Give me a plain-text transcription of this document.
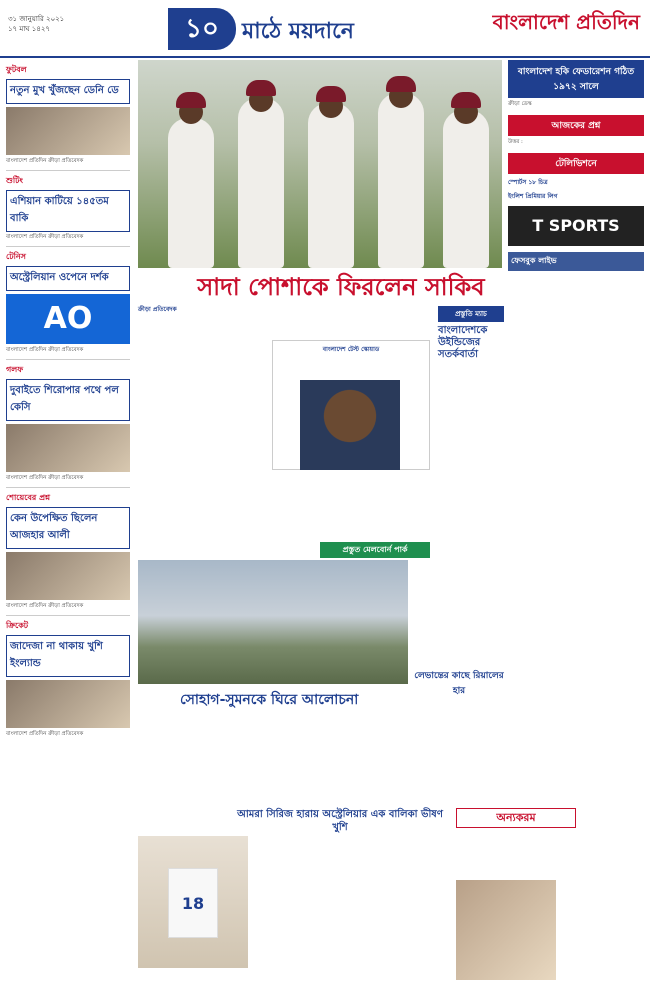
৩১ জানুয়ারি ২০২১
১৭ মাঘ ১৪২৭	১০	মাঠে ময়দানে	বাংলাদেশ প্রতিদিন
ফুটবল
নতুন মুখ খুঁজছেন ডেনি ডে
বাংলাদেশ প্রতিদিন ক্রীড়া প্রতিবেদক
শুটিং
এশিয়ান কাটিয়ে ১৪৫তম বাকি
বাংলাদেশ প্রতিদিন ক্রীড়া প্রতিবেদক
টেনিস
অস্ট্রেলিয়ান ওপেনে দর্শক
AO
বাংলাদেশ প্রতিদিন ক্রীড়া প্রতিবেদক
গলফ
দুবাইতে শিরোপার পথে পল কেসি
বাংলাদেশ প্রতিদিন ক্রীড়া প্রতিবেদক
শোয়েবের প্রশ্ন
কেন উপেক্ষিত ছিলেন আজহার আলী
বাংলাদেশ প্রতিদিন ক্রীড়া প্রতিবেদক
ক্রিকেট
জাদেজা না থাকায় খুশি ইংল্যান্ড
বাংলাদেশ প্রতিদিন ক্রীড়া প্রতিবেদক
সাদা পোশাকে ফিরলেন সাকিব
ক্রীড়া প্রতিবেদক
বাংলাদেশ টেস্ট স্কোয়াড
প্রস্তুতি ম্যাচ
বাংলাদেশকে উইন্ডিজের সতর্কবার্তা
প্রস্তুত মেলবোর্ন পার্ক
লেভান্তের কাছে রিয়ালের হার
সোহাগ-সুমনকে ঘিরে আলোচনা
আমরা সিরিজ হারায় অস্ট্রেলিয়ার এক বালিকা ভীষণ খুশি
18
অন্যকরম
বাংলাদেশ হকি ফেডারেশন গঠিত ১৯৭২ সালে
ক্রীড়া ডেস্ক
আজকের প্রশ্ন
উত্তর :
টেলিভিশনে
স্পোর্টস ১৮ চিত্র
ইংলিশ প্রিমিয়ার লিগ
T SPORTS
ফেসবুক লাইভ
